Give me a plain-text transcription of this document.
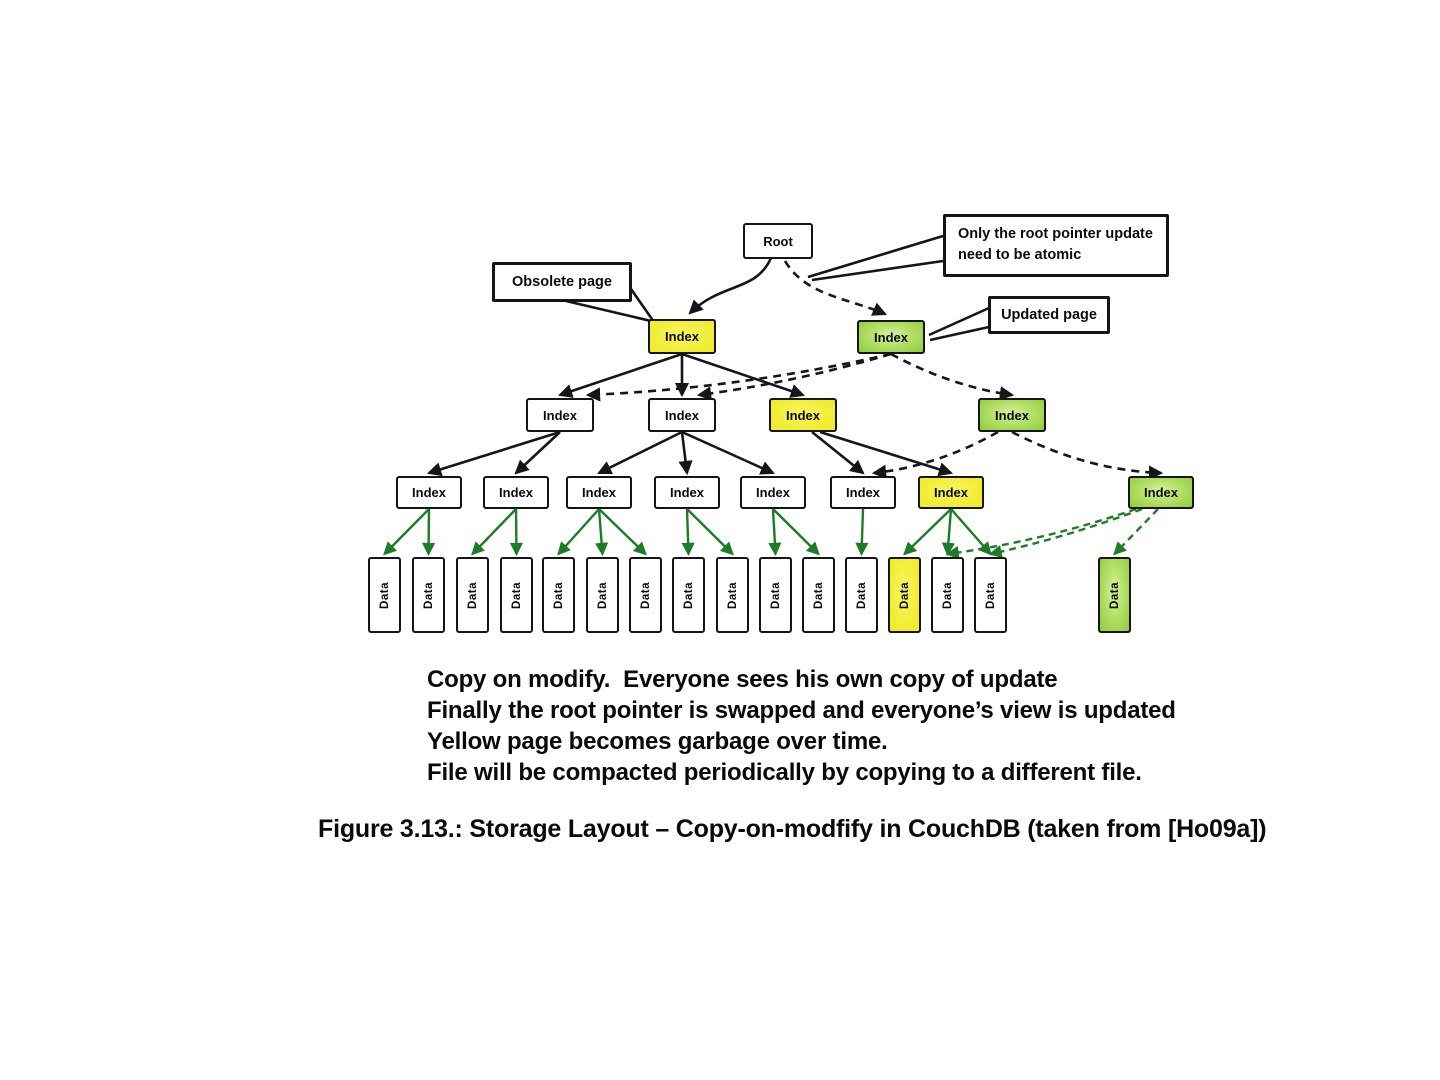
Root
Index	Index
Index	Index	Index	Index
Index	Index	Index	Index	Index	Index	Index	Index
Data	Data	Data	Data	Data	Data	Data	Data	Data	Data	Data	Data	Data	Data	Data	Data
Only the root pointer update
need to be atomic
Obsolete page
Updated page
Copy on modify.  Everyone sees his own copy of update
Finally the root pointer is swapped and everyone’s view is updated
Yellow page becomes garbage over time.
File will be compacted periodically by copying to a different file.
Figure 3.13.: Storage Layout – Copy-on-modfify in CouchDB (taken from [Ho09a])
